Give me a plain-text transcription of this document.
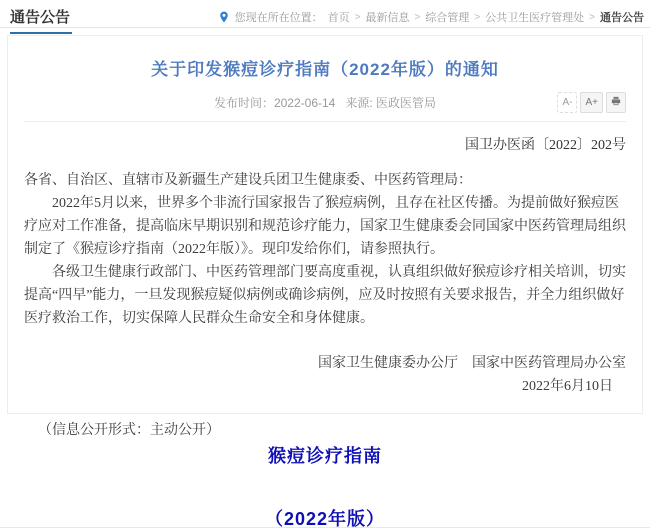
通告公告	您现在所在位置： 首页 > 最新信息 > 综合管理 > 公共卫生医疗管理处 > 通告公告
关于印发猴痘诊疗指南（2022年版）的通知
发布时间：2022-06-14 来源: 医政医管局	A-	A+
国卫办医函〔2022〕202号

各省、自治区、直辖市及新疆生产建设兵团卫生健康委、中医药管理局：

2022年5月以来，世界多个非流行国家报告了猴痘病例，且存在社区传播。为提前做好猴痘医疗应对工作准备，提高临床早期识别和规范诊疗能力，国家卫生健康委会同国家中医药管理局组织制定了《猴痘诊疗指南（2022年版）》。现印发给你们，请参照执行。

各级卫生健康行政部门、中医药管理部门要高度重视，认真组织做好猴痘诊疗相关培训，切实提高“四早”能力，一旦发现猴痘疑似病例或确诊病例，应及时按照有关要求报告，并全力组织做好医疗救治工作，切实保障人民群众生命安全和身体健康。

国家卫生健康委办公厅　国家中医药管理局办公室
2022年6月10日
（信息公开形式：主动公开）
猴痘诊疗指南
（2022年版）
